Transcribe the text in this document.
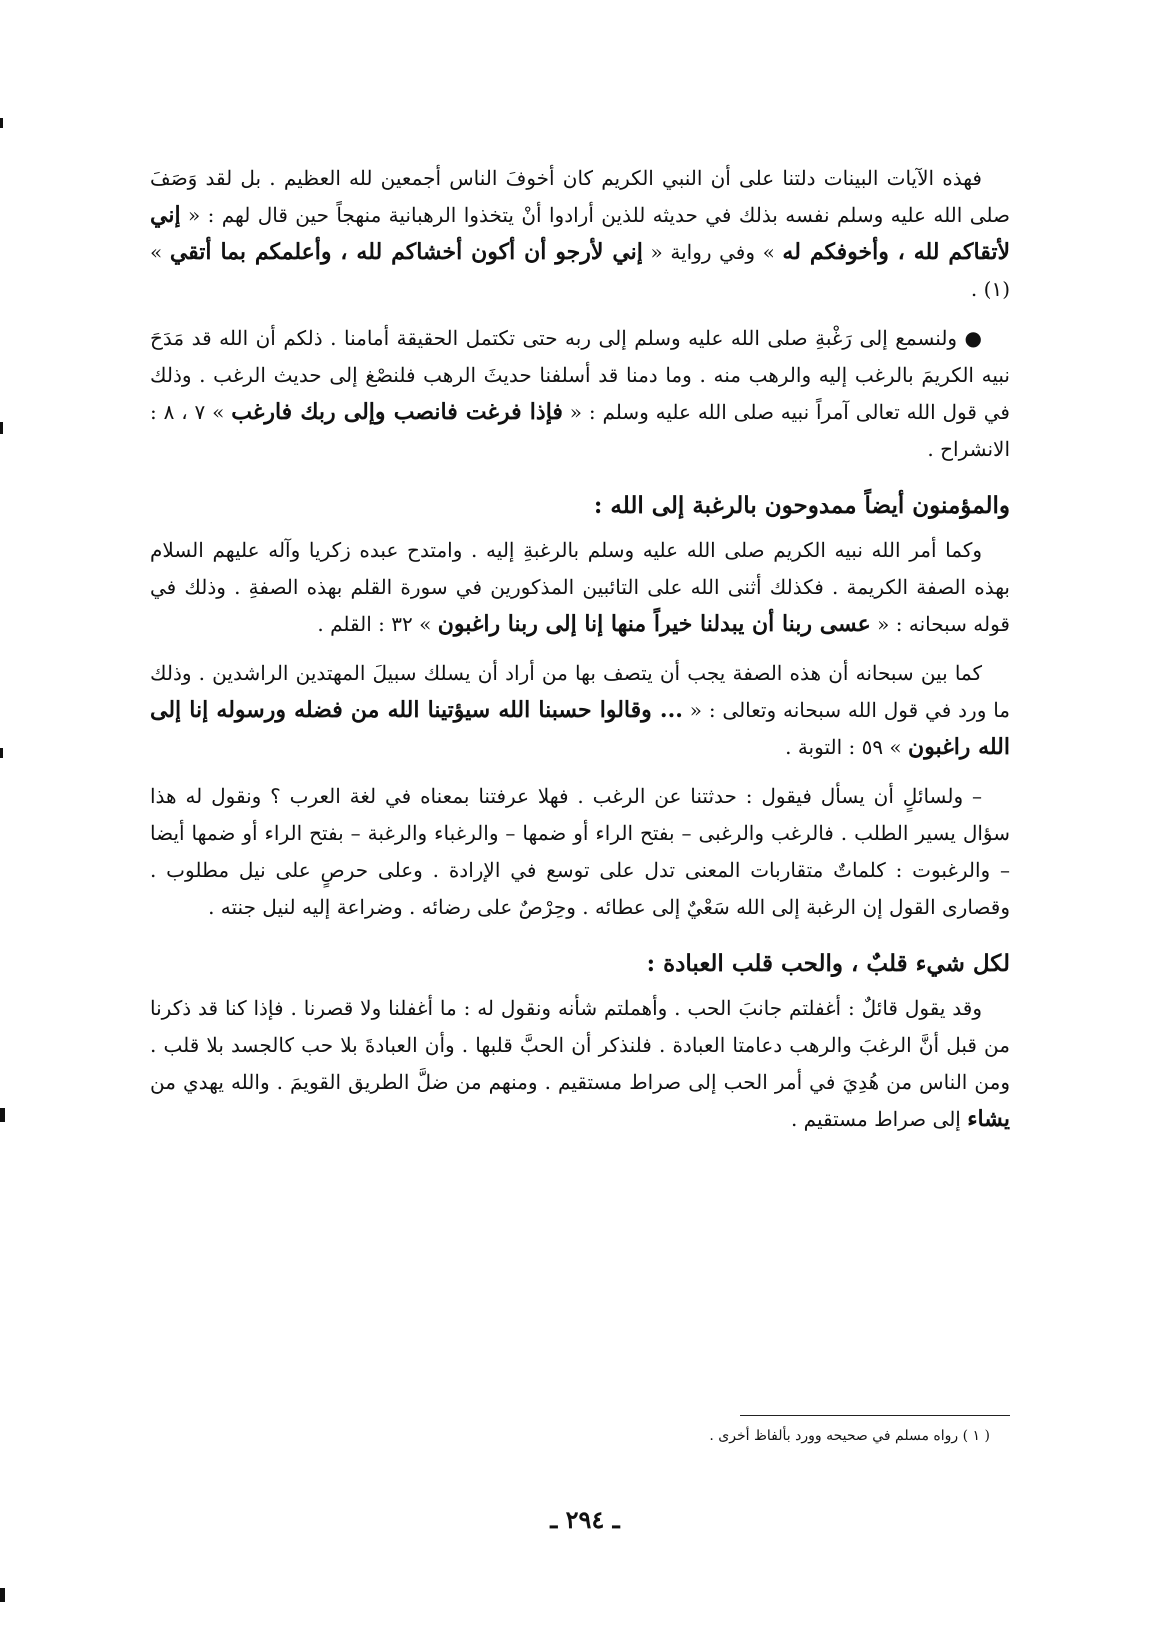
فهذه الآيات البينات دلتنا على أن النبي الكريم كان أخوفَ الناس أجمعين لله العظيم . بل لقد وَصَفَ صلى الله عليه وسلم نفسه بذلك في حديثه للذين أرادوا أنْ يتخذوا الرهبانية منهجاً حين قال لهم : « إني لأتقاكم لله ، وأخوفكم له » وفي رواية « إني لأرجو أن أكون أخشاكم لله ، وأعلمكم بما أتقي » (١) .

● ولنسمع إلى رَغْبةِ صلى الله عليه وسلم إلى ربه حتى تكتمل الحقيقة أمامنا . ذلكم أن الله قد مَدَحَ نبيه الكريمَ بالرغب إليه والرهب منه . وما دمنا قد أسلفنا حديثَ الرهب فلنصْغ إلى حديث الرغب . وذلك في قول الله تعالى آمراً نبيه صلى الله عليه وسلم : « فإذا فرغت فانصب وإلى ربك فارغب » ٧ ، ٨ : الانشراح .

والمؤمنون أيضاً ممدوحون بالرغبة إلى الله :

وكما أمر الله نبيه الكريم صلى الله عليه وسلم بالرغبةِ إليه . وامتدح عبده زكريا وآله عليهم السلام بهذه الصفة الكريمة . فكذلك أثنى الله على التائبين المذكورين في سورة القلم بهذه الصفةِ . وذلك في قوله سبحانه : « عسى ربنا أن يبدلنا خيراً منها إنا إلى ربنا راغبون » ٣٢ : القلم .

كما بين سبحانه أن هذه الصفة يجب أن يتصف بها من أراد أن يسلك سبيلَ المهتدين الراشدين . وذلك ما ورد في قول الله سبحانه وتعالى : « ... وقالوا حسبنا الله سيؤتينا الله من فضله ورسوله إنا إلى الله راغبون » ٥٩ : التوبة .

– ولسائلٍ أن يسأل فيقول : حدثتنا عن الرغب . فهلا عرفتنا بمعناه في لغة العرب ؟ ونقول له هذا سؤال يسير الطلب . فالرغب والرغبى – بفتح الراء أو ضمها – والرغباء والرغبة – بفتح الراء أو ضمها أيضا – والرغبوت : كلماتٌ متقاربات المعنى تدل على توسع في الإرادة . وعلى حرصٍ على نيل مطلوب . وقصارى القول إن الرغبة إلى الله سَعْيٌ إلى عطائه . وحِرْصٌ على رضائه . وضراعة إليه لنيل جنته .

لكل شيء قلبٌ ، والحب قلب العبادة :

وقد يقول قائلٌ : أغفلتم جانبَ الحب . وأهملتم شأنه ونقول له : ما أغفلنا ولا قصرنا . فإذا كنا قد ذكرنا من قبل أنَّ الرغبَ والرهب دعامتا العبادة . فلنذكر أن الحبَّ قلبها . وأن العبادةَ بلا حب كالجسد بلا قلب . ومن الناس من هُدِيَ في أمر الحب إلى صراط مستقيم . ومنهم من ضلَّ الطريق القويمَ . والله يهدي من يشاء إلى صراط مستقيم .

( ١ ) رواه مسلم في صحيحه وورد بألفاظ أخرى .
ـ ٢٩٤ ـ
